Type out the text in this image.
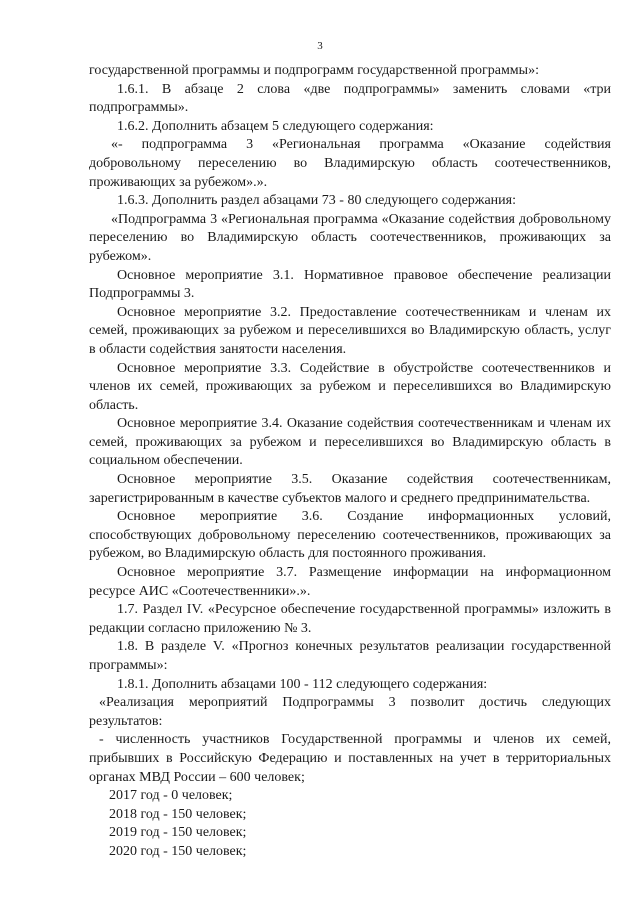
3

государственной программы и подпрограмм государственной программы»:

1.6.1. В абзаце 2 слова «две подпрограммы» заменить словами «три подпрограммы».

1.6.2. Дополнить абзацем 5 следующего содержания:

«- подпрограмма 3 «Региональная программа «Оказание содействия добровольному переселению во Владимирскую область соотечественников, проживающих за рубежом».».

1.6.3. Дополнить раздел абзацами 73 - 80 следующего содержания:

«Подпрограмма 3 «Региональная программа «Оказание содействия добровольному переселению во Владимирскую область соотечественников, проживающих за рубежом».

Основное мероприятие 3.1. Нормативное правовое обеспечение реализации Подпрограммы 3.

Основное мероприятие 3.2. Предоставление соотечественникам и членам их семей, проживающих за рубежом и переселившихся во Владимирскую область, услуг в области содействия занятости населения.

Основное мероприятие 3.3. Содействие в обустройстве соотечественников и членов их семей, проживающих за рубежом и переселившихся во Владимирскую область.

Основное мероприятие 3.4. Оказание содействия соотечественникам и членам их семей, проживающих за рубежом и переселившихся во Владимирскую область в социальном обеспечении.

Основное мероприятие 3.5. Оказание содействия соотечественникам, зарегистрированным в качестве субъектов малого и среднего предпринимательства.

Основное мероприятие 3.6. Создание информационных условий, способствующих добровольному переселению соотечественников, проживающих за рубежом, во Владимирскую область для постоянного проживания.

Основное мероприятие 3.7. Размещение информации на информационном ресурсе АИС «Соотечественники».».

1.7. Раздел IV. «Ресурсное обеспечение государственной программы» изложить в редакции согласно приложению № 3.

1.8. В разделе V. «Прогноз конечных результатов реализации государственной программы»:

1.8.1. Дополнить абзацами 100 - 112 следующего содержания:

«Реализация мероприятий Подпрограммы 3 позволит достичь следующих результатов:

- численность участников Государственной программы и членов их семей, прибывших в Российскую Федерацию и поставленных на учет в территориальных органах МВД России – 600 человек;

2017 год - 0 человек;

2018 год - 150 человек;

2019 год - 150 человек;

2020 год - 150 человек;
